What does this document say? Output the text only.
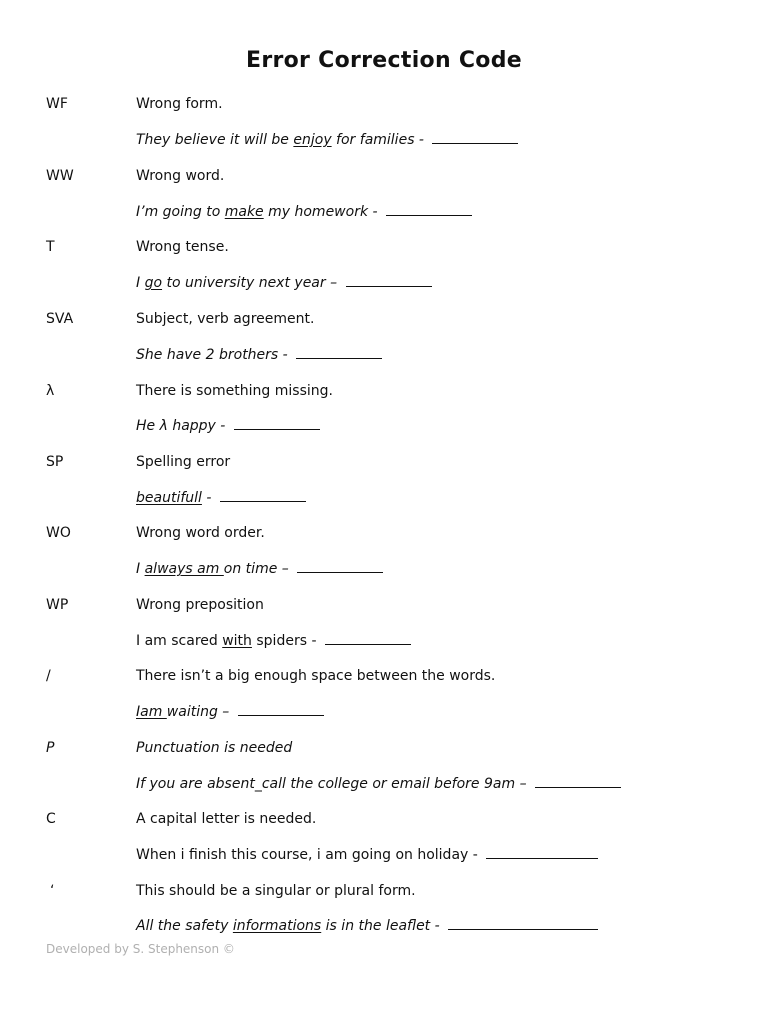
Error Correction Code
WF	Wrong form.
They believe it will be enjoy for families -
WW	Wrong word.
I’m going to make my homework -
T	Wrong tense.
I go to university next year –
SVA	Subject, verb agreement.
She have 2 brothers -
λ	There is something missing.
He λ happy -
SP	Spelling error
beautifull -
WO	Wrong word order.
I always am on time –
WP	Wrong preposition
I am scared with spiders -
/	There isn’t a big enough space between the words.
Iam waiting –
P	Punctuation is needed
If you are absent_call the college or email before 9am –
C	A capital letter is needed.
When i finish this course, i am going on holiday -
‘	This should be a singular or plural form.
All the safety informations is in the leaflet -
Developed by S. Stephenson ©
